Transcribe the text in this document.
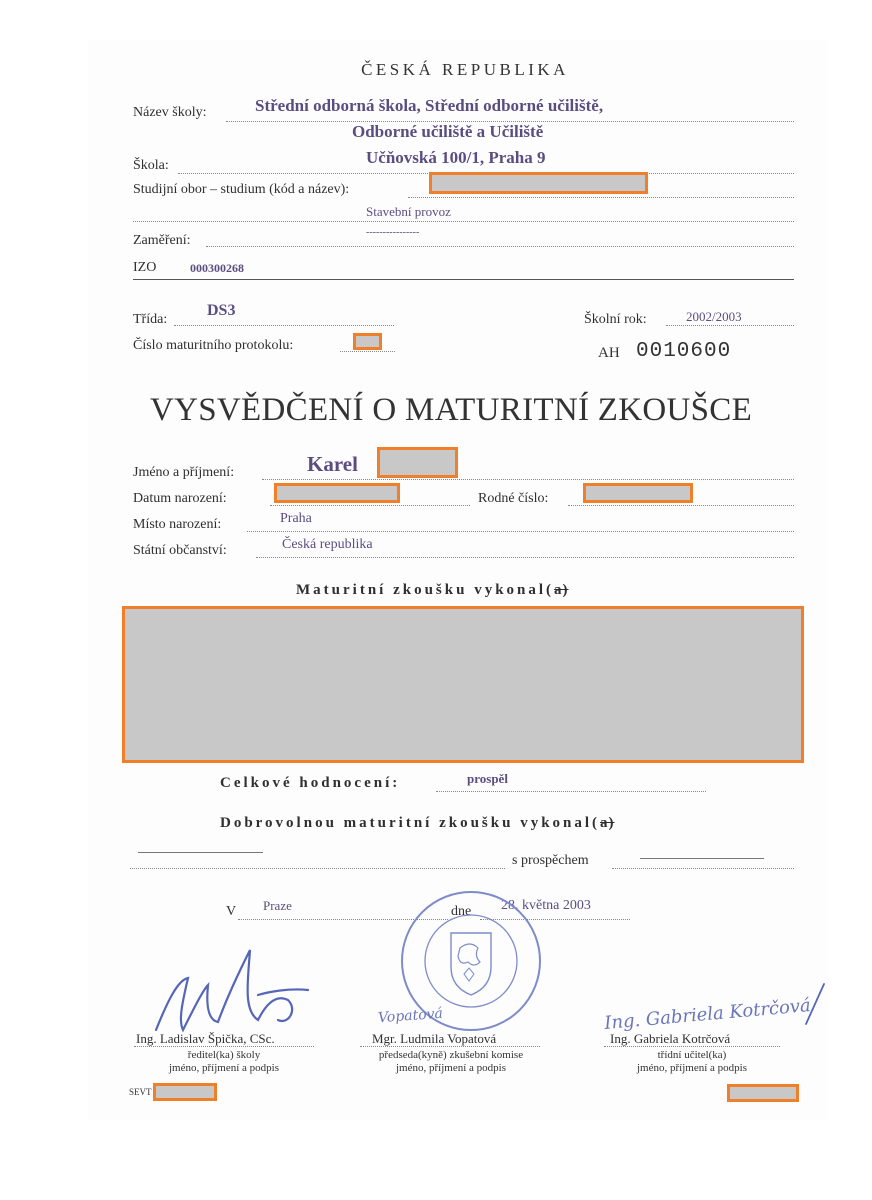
ČESKÁ REPUBLIKA
Název školy:	Střední odborná škola, Střední odborné učiliště,
Odborné učiliště a Učiliště
Škola:	Učňovská 100/1, Praha 9
Studijní obor – studium (kód a název):
Stavební provoz
Zaměření:
----------------
IZO	000300268
Třída:
DS3
Školní rok:	2002/2003
Číslo maturitního protokolu:	AH 0010600
VYSVĚDČENÍ O MATURITNÍ ZKOUŠCE
Jméno a příjmení:	Karel
Datum narození:	Rodné číslo:
Místo narození:	Praha
Státní občanství:	Česká republika
Maturitní zkoušku vykonal(a)
Celkové hodnocení:	prospěl
Dobrovolnou maturitní zkoušku vykonal(a)
s prospěchem
V Praze	dne 28. května 2003
Vopatová	Ing. Gabriela Kotrčová
Ing. Ladislav Špička, CSc.
ředitel(ka) školy
jméno, příjmení a podpis
Mgr. Ludmila Vopatová
předseda(kyně) zkušební komise
jméno, příjmení a podpis
Ing. Gabriela Kotrčová
třídní učitel(ka)
jméno, příjmení a podpis
SEVT
